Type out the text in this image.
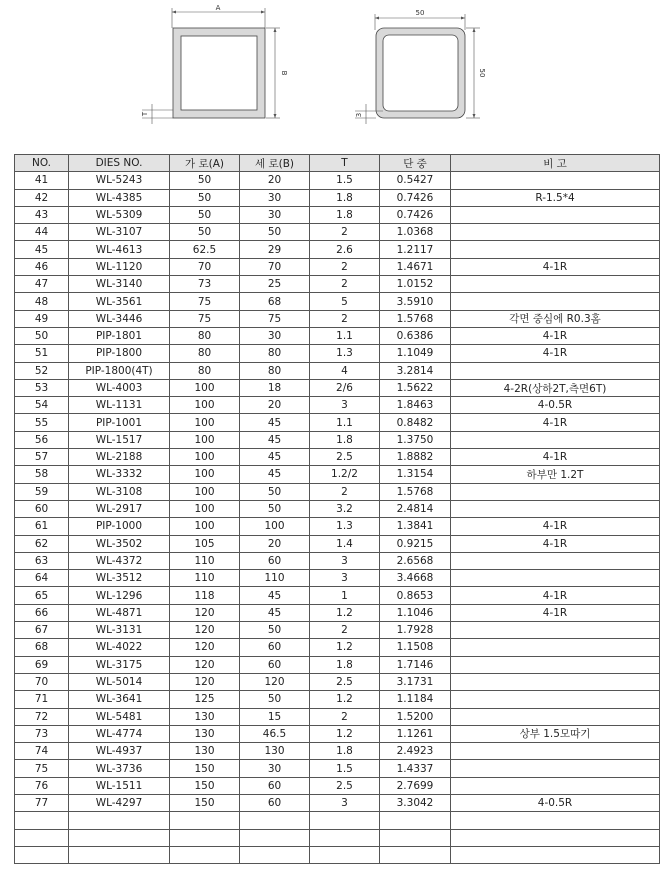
A
B
T
50
50
3
NO.	DIES NO.	가 로(A)	세 로(B)	T	단 중	비 고
41	WL-5243	50	20	1.5	0.5427	
42	WL-4385	50	30	1.8	0.7426	R-1.5*4
43	WL-5309	50	30	1.8	0.7426	
44	WL-3107	50	50	2	1.0368	
45	WL-4613	62.5	29	2.6	1.2117	
46	WL-1120	70	70	2	1.4671	4-1R
47	WL-3140	73	25	2	1.0152	
48	WL-3561	75	68	5	3.5910	
49	WL-3446	75	75	2	1.5768	각면 중심에 R0.3홈
50	PIP-1801	80	30	1.1	0.6386	4-1R
51	PIP-1800	80	80	1.3	1.1049	4-1R
52	PIP-1800(4T)	80	80	4	3.2814	
53	WL-4003	100	18	2/6	1.5622	4-2R(상하2T,측면6T)
54	WL-1131	100	20	3	1.8463	4-0.5R
55	PIP-1001	100	45	1.1	0.8482	4-1R
56	WL-1517	100	45	1.8	1.3750	
57	WL-2188	100	45	2.5	1.8882	4-1R
58	WL-3332	100	45	1.2/2	1.3154	하부만 1.2T
59	WL-3108	100	50	2	1.5768	
60	WL-2917	100	50	3.2	2.4814	
61	PIP-1000	100	100	1.3	1.3841	4-1R
62	WL-3502	105	20	1.4	0.9215	4-1R
63	WL-4372	110	60	3	2.6568	
64	WL-3512	110	110	3	3.4668	
65	WL-1296	118	45	1	0.8653	4-1R
66	WL-4871	120	45	1.2	1.1046	4-1R
67	WL-3131	120	50	2	1.7928	
68	WL-4022	120	60	1.2	1.1508	
69	WL-3175	120	60	1.8	1.7146	
70	WL-5014	120	120	2.5	3.1731	
71	WL-3641	125	50	1.2	1.1184	
72	WL-5481	130	15	2	1.5200	
73	WL-4774	130	46.5	1.2	1.1261	상부 1.5모따기
74	WL-4937	130	130	1.8	2.4923	
75	WL-3736	150	30	1.5	1.4337	
76	WL-1511	150	60	2.5	2.7699	
77	WL-4297	150	60	3	3.3042	4-0.5R
